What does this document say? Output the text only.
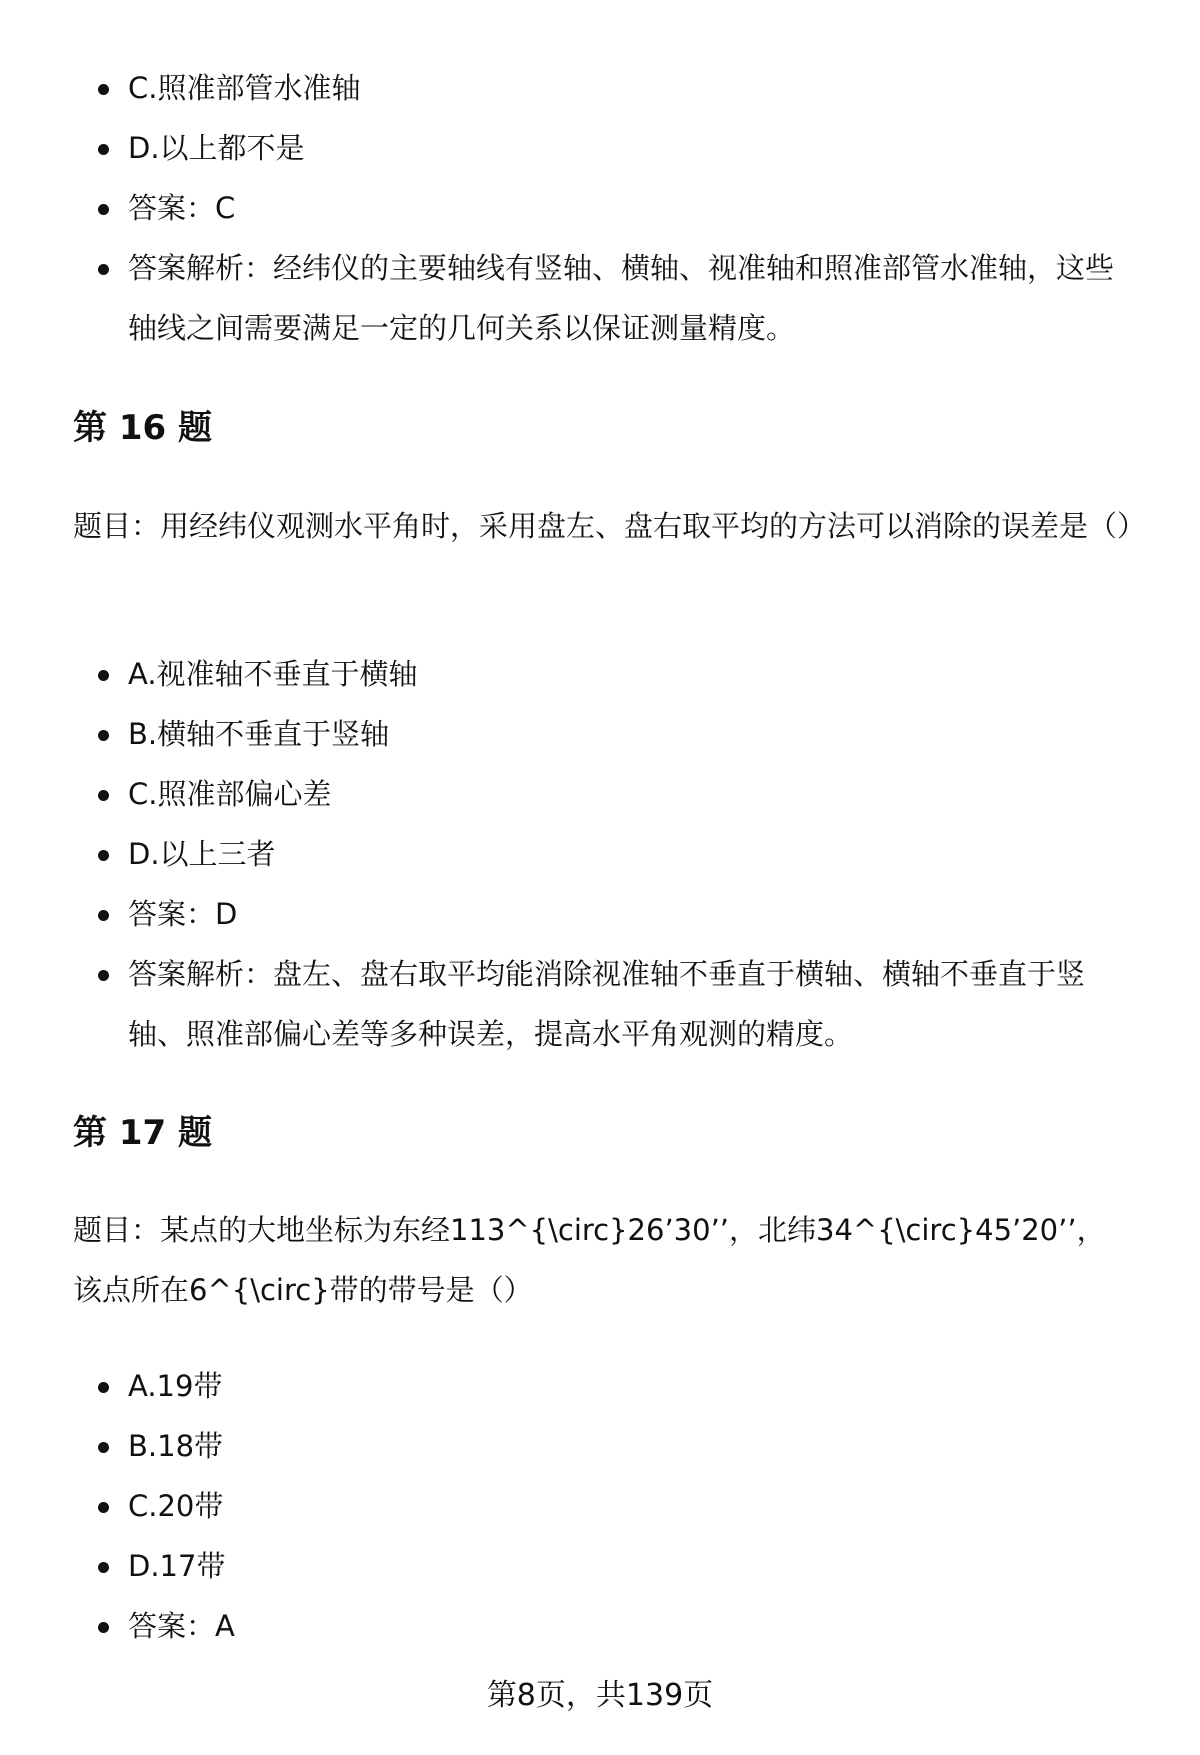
C.照准部管水准轴
D.以上都不是
答案：C
答案解析：经纬仪的主要轴线有竖轴、横轴、视准轴和照准部管水准轴，这些轴线之间需要满足一定的几何关系以保证测量精度。
第 16 题
题目：用经纬仪观测水平角时，采用盘左、盘右取平均的方法可以消除的误差是（）
A.视准轴不垂直于横轴
B.横轴不垂直于竖轴
C.照准部偏心差
D.以上三者
答案：D
答案解析：盘左、盘右取平均能消除视准轴不垂直于横轴、横轴不垂直于竖轴、照准部偏心差等多种误差，提高水平角观测的精度。
第 17 题
题目：某点的大地坐标为东经113^{\circ}26’30’’，北纬34^{\circ}45’20’’，该点所在6^{\circ}带的带号是（）
A.19带
B.18带
C.20带
D.17带
答案：A
第8页，共139页
